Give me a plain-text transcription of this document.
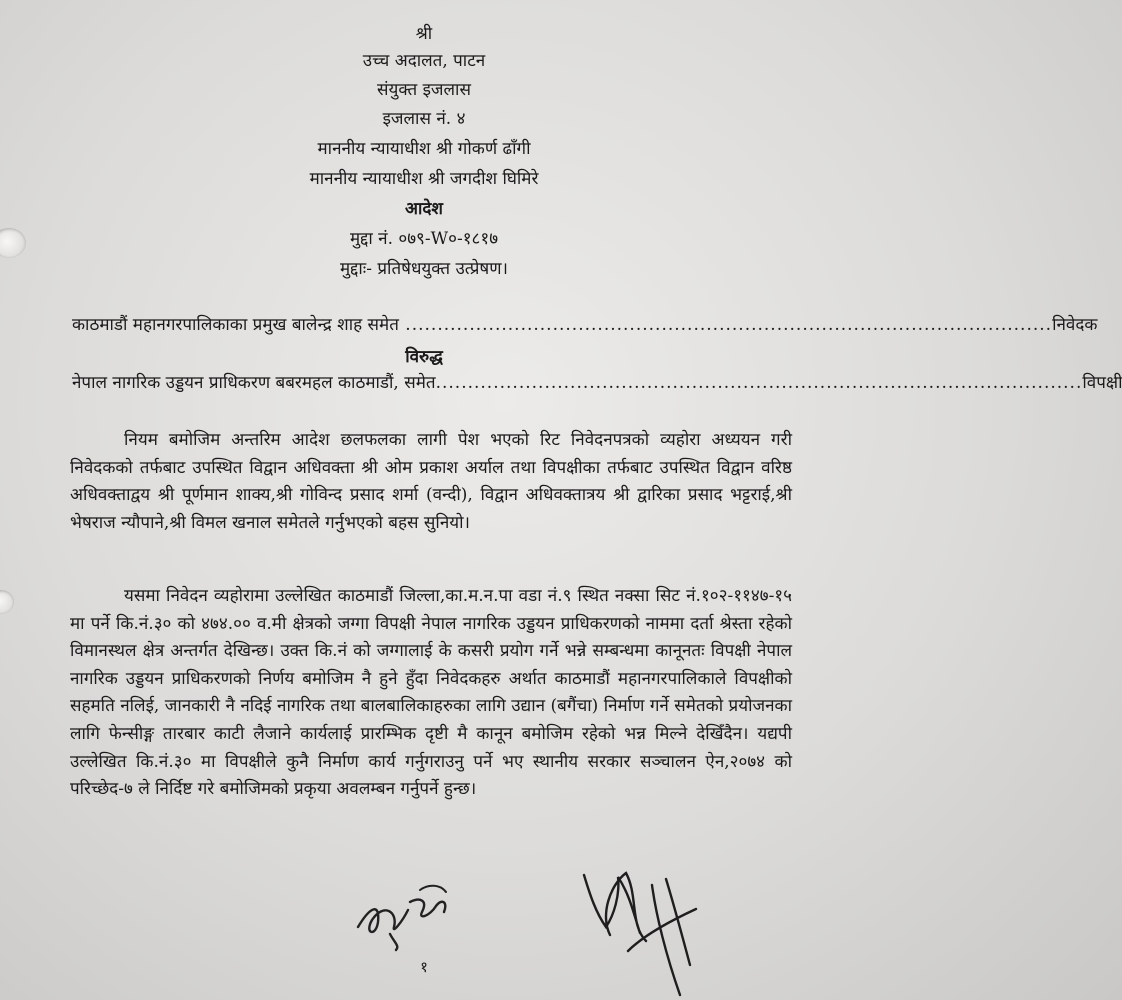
श्री
उच्च अदालत, पाटन
संयुक्त इजलास
इजलास नं. ४
माननीय न्यायाधीश श्री गोकर्ण ढाँगी
माननीय न्यायाधीश श्री जगदीश घिमिरे
आदेश
मुद्दा नं. ०७९-W०-१८१७
मुद्दाः- प्रतिषेधयुक्त उत्प्रेषण।
काठमाडौं महानगरपालिकाका प्रमुख बालेन्द्र शाह समेत ..................................................................................................... निवेदक
विरुद्ध
नेपाल नागरिक उड्डयन प्राधिकरण बबरमहल काठमाडौं, समेत ..................................................................................................... विपक्षी
नियम बमोजिम अन्तरिम आदेश छलफलका लागी पेश भएको रिट निवेदनपत्रको व्यहोरा अध्ययन गरी निवेदकको तर्फबाट उपस्थित विद्वान अधिवक्ता श्री ओम प्रकाश अर्याल तथा विपक्षीका तर्फबाट उपस्थित विद्वान वरिष्ठ अधिवक्ताद्वय श्री पूर्णमान शाक्य,श्री गोविन्द प्रसाद शर्मा (वन्दी), विद्वान अधिवक्तात्रय श्री द्वारिका प्रसाद भट्टराई,श्री भेषराज न्यौपाने,श्री विमल खनाल समेतले गर्नुभएको बहस सुनियो।
यसमा निवेदन व्यहोरामा उल्लेखित काठमाडौं जिल्ला,का.म.न.पा वडा नं.९ स्थित नक्सा सिट नं.१०२-११४७-१५ मा पर्ने कि.नं.३० को ४७४.०० व.मी क्षेत्रको जग्गा विपक्षी नेपाल नागरिक उड्डयन प्राधिकरणको नाममा दर्ता श्रेस्ता रहेको विमानस्थल क्षेत्र अन्तर्गत देखिन्छ। उक्त कि.नं को जग्गालाई के कसरी प्रयोग गर्ने भन्ने सम्बन्धमा कानूनतः विपक्षी नेपाल नागरिक उड्डयन प्राधिकरणको निर्णय बमोजिम नै हुने हुँदा निवेदकहरु अर्थात काठमाडौं महानगरपालिकाले विपक्षीको सहमति नलिई, जानकारी नै नदिई नागरिक तथा बालबालिकाहरुका लागि उद्यान (बगैंचा) निर्माण गर्ने समेतको प्रयोजनका लागि फेन्सीङ्ग तारबार काटी लैजाने कार्यलाई प्रारम्भिक दृष्टी मै कानून बमोजिम रहेको भन्न मिल्ने देखिँदैन। यद्यपी उल्लेखित कि.नं.३० मा विपक्षीले कुनै निर्माण कार्य गर्नुगराउनु पर्ने भए स्थानीय सरकार सञ्चालन ऐन,२०७४ को परिच्छेद-७ ले निर्दिष्ट गरे बमोजिमको प्रकृया अवलम्बन गर्नुपर्ने हुन्छ।
१
